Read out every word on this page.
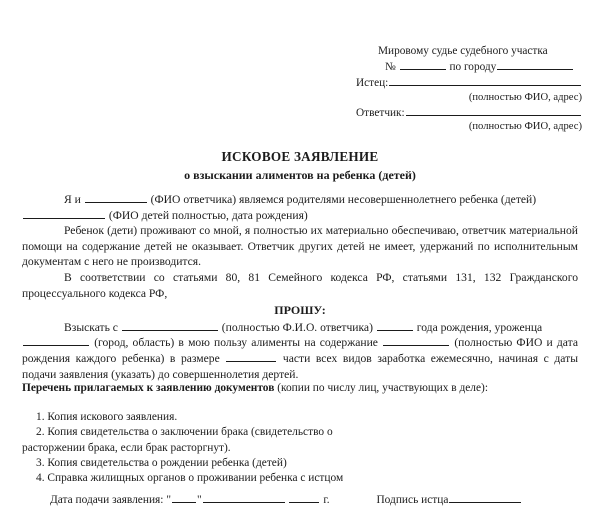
Мировому судье судебного участка
№	по городу
Истец:
(полностью ФИО, адрес)
Ответчик:
(полностью ФИО, адрес)
ИСКОВОЕ ЗАЯВЛЕНИЕ
о взыскании алиментов на ребенка (детей)

Я и	(ФИО ответчика) являемся родителями несовершеннолетнего ребенка (детей)
(ФИО детей полностью, дата рождения)

Ребенок (дети) проживают со мной, я полностью их материально обеспечиваю, ответчик материальной помощи на содержание детей не оказывает. Ответчик других детей не имеет, удержаний по исполнительным документам с него не производится.

В соответствии со статьями 80, 81 Семейного кодекса РФ, статьями 131, 132 Гражданского процессуального кодекса РФ,

ПРОШУ:

Взыскать с	(полностью Ф.И.О. ответчика)	года рождения, уроженца
(город, область) в мою пользу алименты на содержание	(полностью ФИО и дата рождения каждого ребенка) в размере	части всех видов заработка ежемесячно, начиная с даты подачи заявления (указать) до совершеннолетия дертей.

Перечень прилагаемых к заявлению документов (копии по числу лиц, участвующих в деле):
1. Копия искового заявления.
2. Копия свидетельства о заключении брака (свидетельство о
расторжении брака, если брак расторгнут).
3. Копия свидетельства о рождении ребенка (детей)
4. Справка жилищных органов о проживании ребенка с истцом
Дата подачи заявления: " "	г.	Подпись истца
